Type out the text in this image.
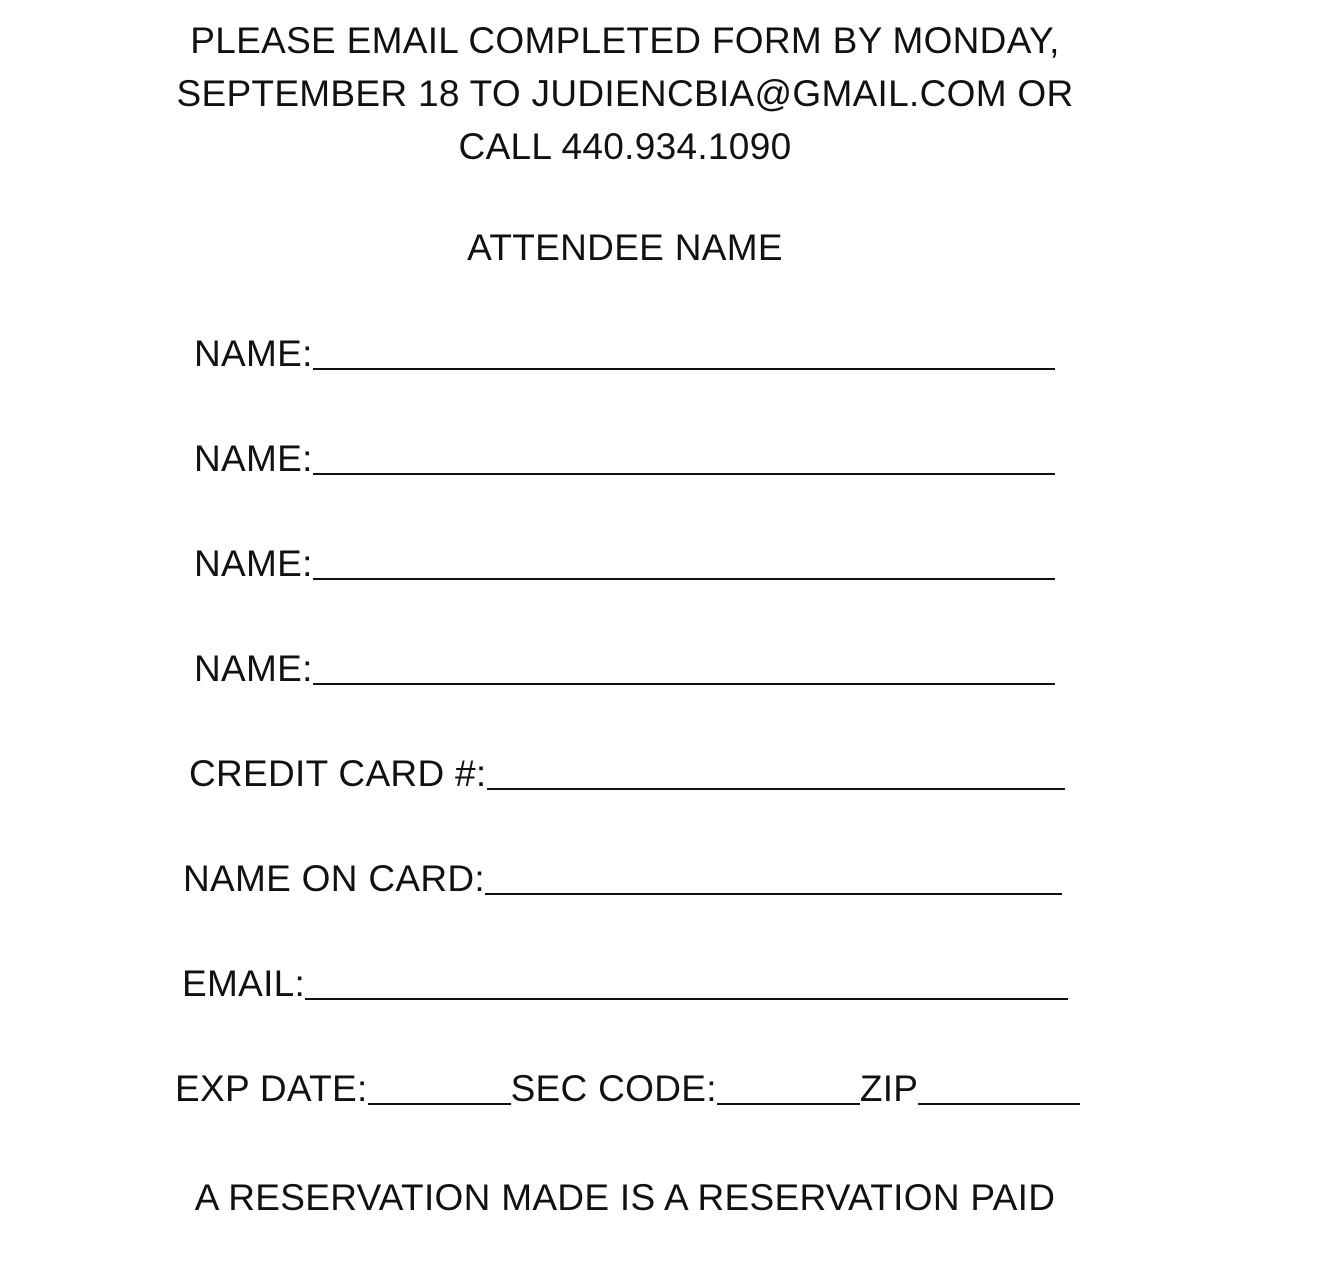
PLEASE EMAIL COMPLETED FORM BY MONDAY,
SEPTEMBER 18 TO JUDIENCBIA@GMAIL.COM OR
CALL 440.934.1090
ATTENDEE NAME
NAME:
NAME:
NAME:
NAME:
CREDIT CARD #:
NAME ON CARD:
EMAIL:
EXP DATE:	SEC CODE:	ZIP
A RESERVATION MADE IS A RESERVATION PAID
